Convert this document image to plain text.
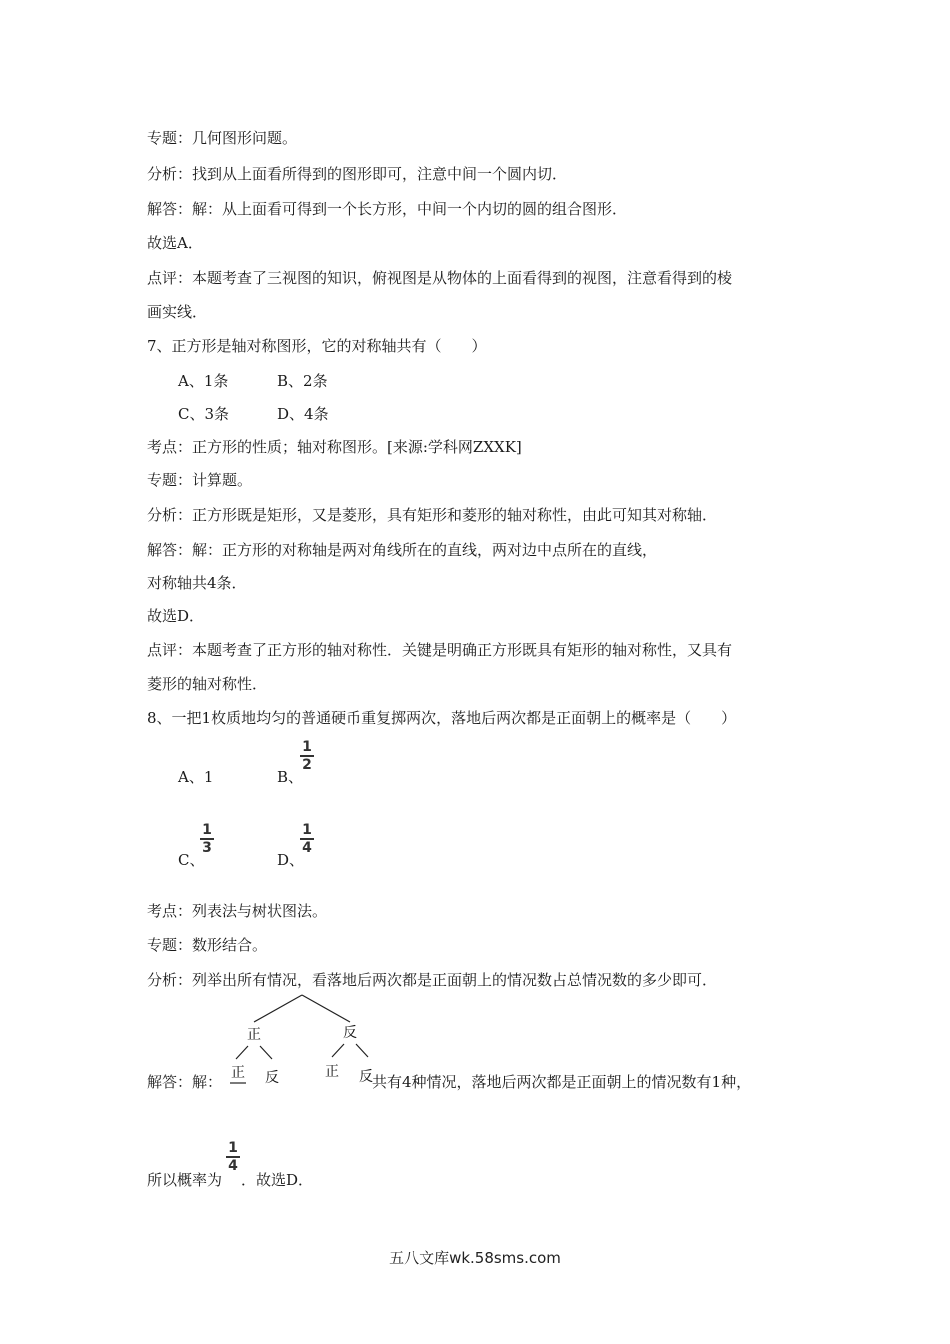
专题：几何图形问题。
分析：找到从上面看所得到的图形即可，注意中间一个圆内切．
解答：解：从上面看可得到一个长方形，中间一个内切的圆的组合图形．
故选A．
点评：本题考查了三视图的知识，俯视图是从物体的上面看得到的视图，注意看得到的棱
画实线．
7、正方形是轴对称图形，它的对称轴共有（　　）
A、1条	B、2条
C、3条	D、4条
考点：正方形的性质；轴对称图形。[来源:学科网ZXXK]
专题：计算题。
分析：正方形既是矩形，又是菱形，具有矩形和菱形的轴对称性，由此可知其对称轴．
解答：解：正方形的对称轴是两对角线所在的直线，两对边中点所在的直线，
对称轴共4条．
故选D．
点评：本题考查了正方形的轴对称性．关键是明确正方形既具有矩形的轴对称性，又具有
菱形的轴对称性．
8、一把1枚质地均匀的普通硬币重复掷两次，落地后两次都是正面朝上的概率是（　　）
A、1	B、
1
2
C、
1
3
D、
1
4
考点：列表法与树状图法。
专题：数形结合。
分析：列举出所有情况，看落地后两次都是正面朝上的情况数占总情况数的多少即可．
正	反
正 反	正 反
解答：解：	共有4种情况，落地后两次都是正面朝上的情况数有1种，
所以概率为
1
4
．故选D．
五八文库wk.58sms.com
